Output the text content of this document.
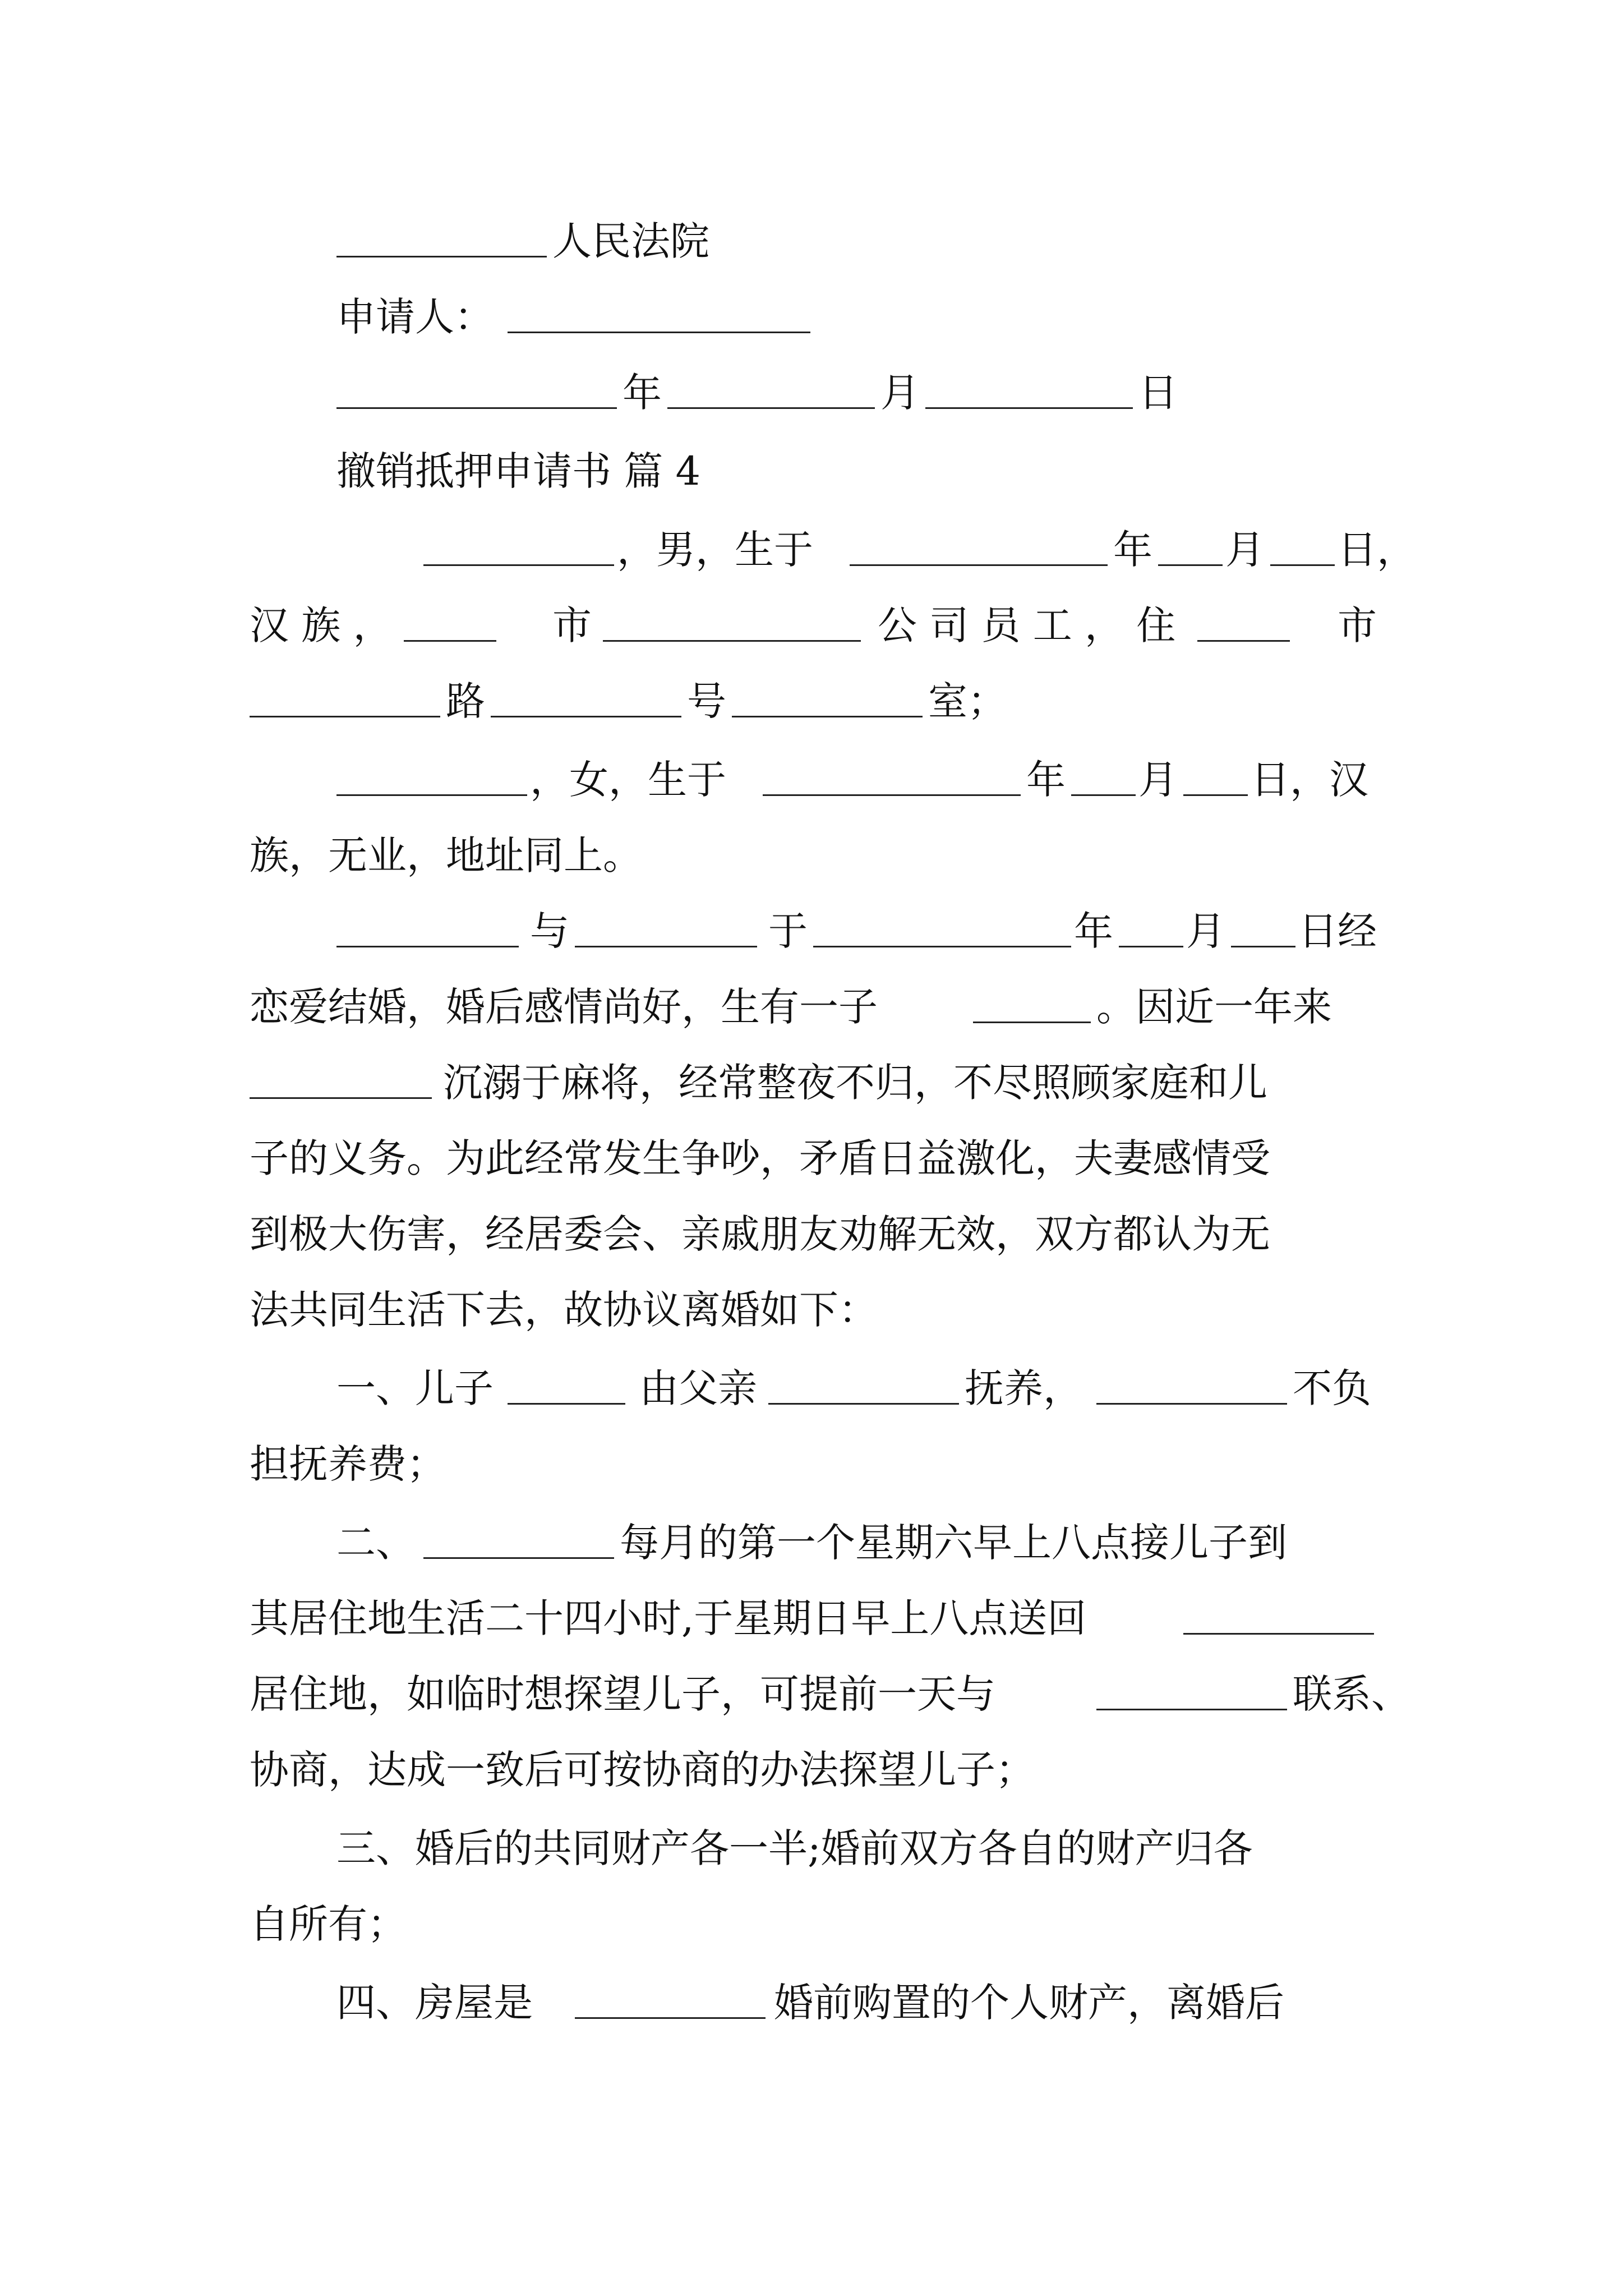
人民法院
申请人：
年	月	日
撤销抵押申请书 篇 4
，男，生于	年 月 日，
汉 族 ，	市	公 司 员 工 ， 住	市
路	号	室；
，女，生于	年 月 日，汉
族，无业，地址同上。
与	于	年 月 日经
恋爱结婚，婚后感情尚好，生有一子	。因近一年来
沉溺于麻将，经常整夜不归，不尽照顾家庭和儿
子的义务。为此经常发生争吵，矛盾日益激化，夫妻感情受
到极大伤害，经居委会、亲戚朋友劝解无效，双方都认为无
法共同生活下去，故协议离婚如下：
一、儿子	由父亲	抚养，	不负
担抚养费；
二、	每月的第一个星期六早上八点接儿子到
其居住地生活二十四小时,于星期日早上八点送回
居住地，如临时想探望儿子，可提前一天与	联系、
协商，达成一致后可按协商的办法探望儿子；
三、婚后的共同财产各一半;婚前双方各自的财产归各
自所有；
四、房屋是	婚前购置的个人财产，离婚后
